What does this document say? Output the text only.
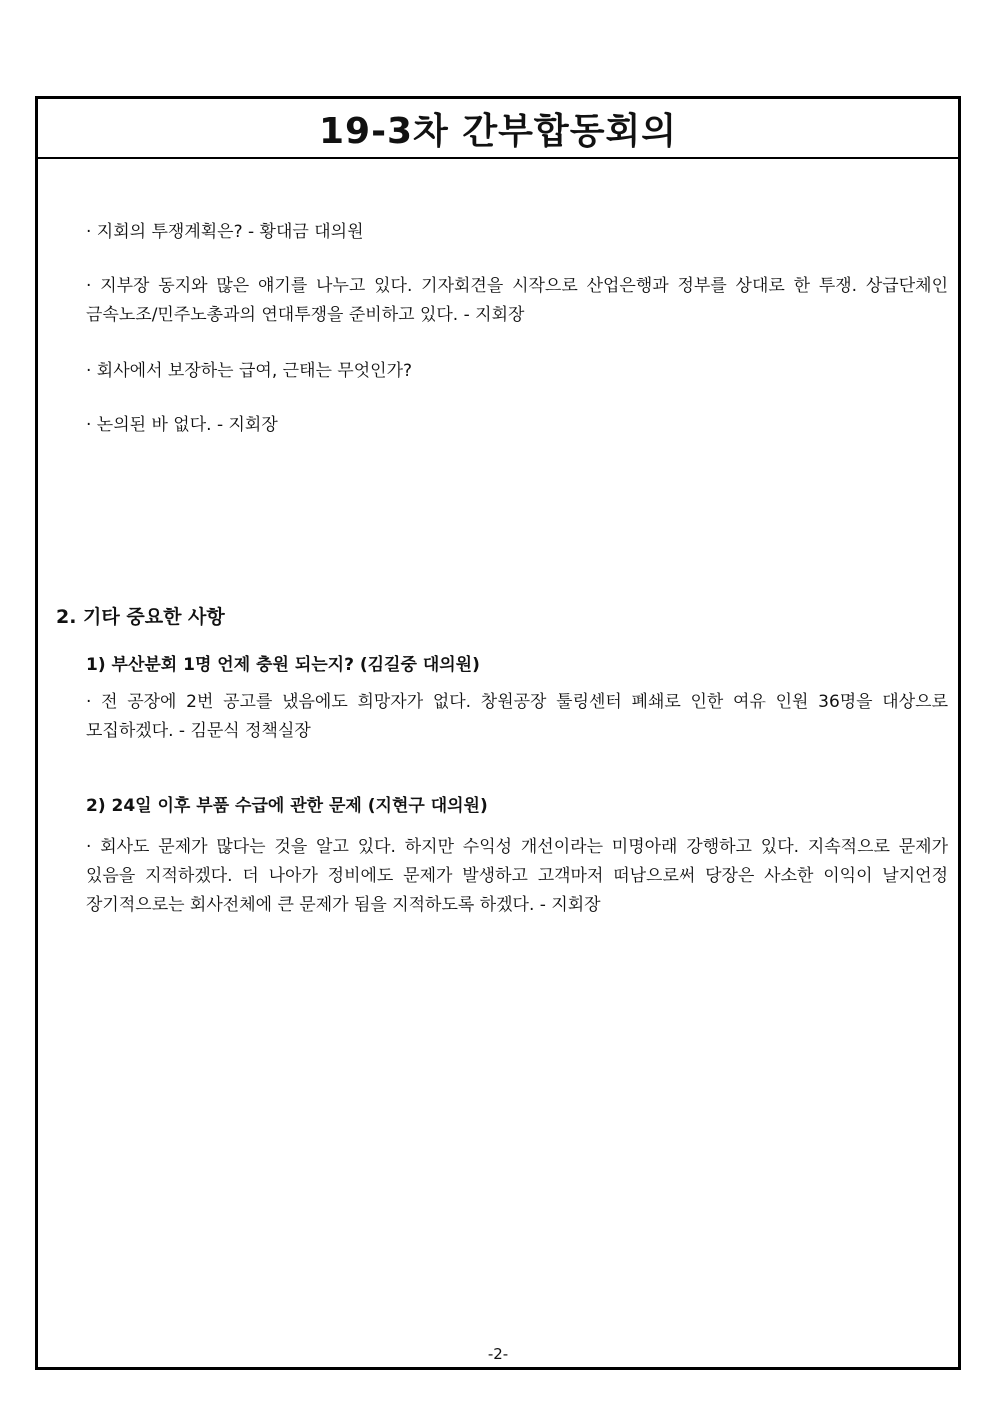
19-3차 간부합동회의

· 지회의 투쟁계획은? - 황대금 대의원

· 지부장 동지와 많은 얘기를 나누고 있다. 기자회견을 시작으로 산업은행과 정부를 상대로 한 투쟁. 상급단체인 금속노조/민주노총과의 연대투쟁을 준비하고 있다. - 지회장

· 회사에서 보장하는 급여, 근태는 무엇인가?

· 논의된 바 없다. - 지회장

2. 기타 중요한 사항
1) 부산분회 1명 언제 충원 되는지? (김길중 대의원)

· 전 공장에 2번 공고를 냈음에도 희망자가 없다. 창원공장 툴링센터 폐쇄로 인한 여유 인원 36명을 대상으로 모집하겠다. - 김문식 정책실장

2) 24일 이후 부품 수급에 관한 문제 (지현구 대의원)

· 회사도 문제가 많다는 것을 알고 있다. 하지만 수익성 개선이라는 미명아래 강행하고 있다. 지속적으로 문제가 있음을 지적하겠다. 더 나아가 정비에도 문제가 발생하고 고객마저 떠남으로써 당장은 사소한 이익이 날지언정 장기적으로는 회사전체에 큰 문제가 됨을 지적하도록 하겠다. - 지회장

-2-
